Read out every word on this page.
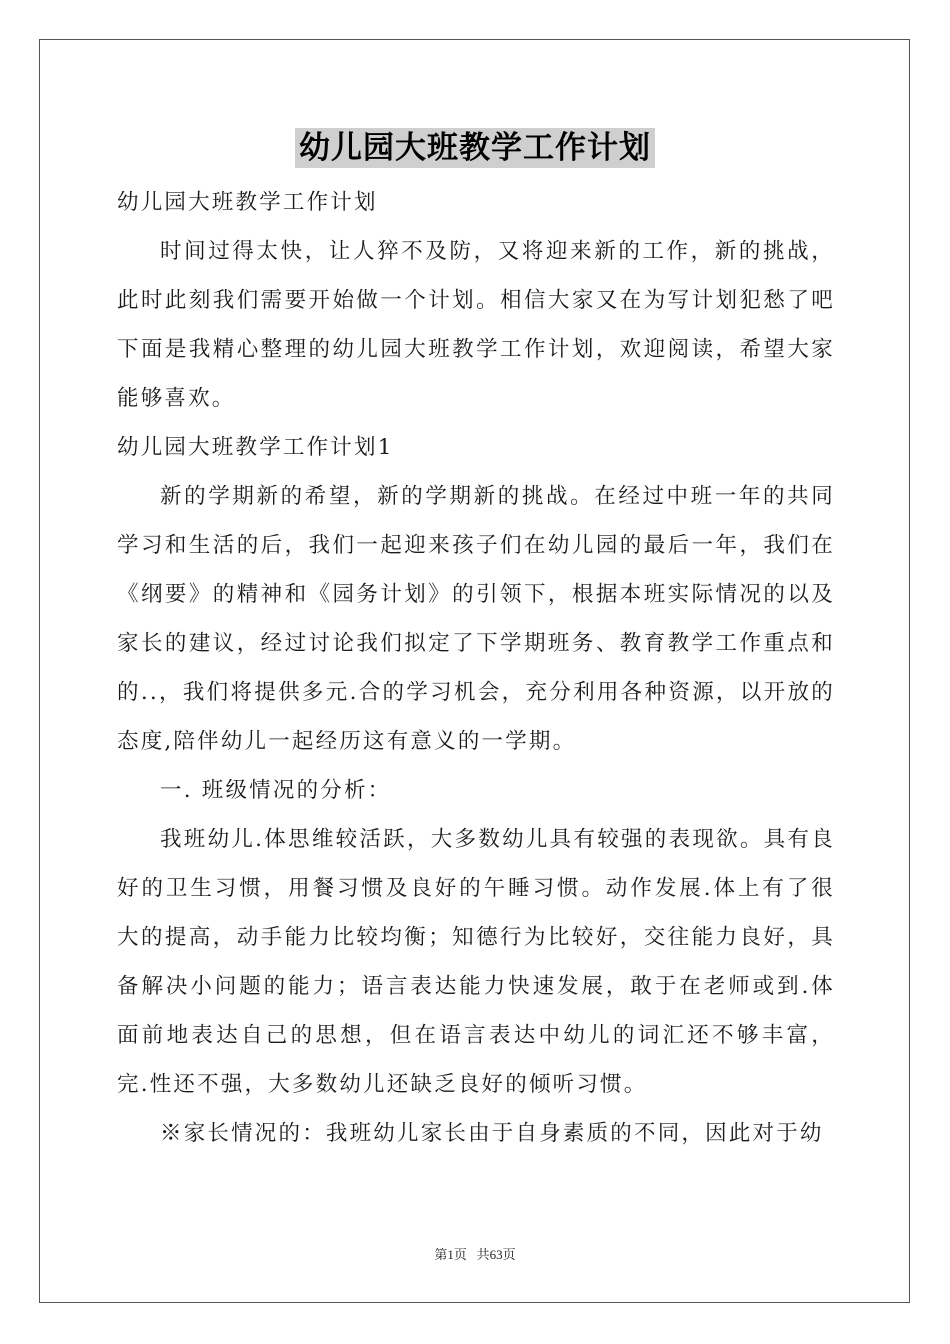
幼儿园大班教学工作计划

幼儿园大班教学工作计划

时间过得太快，让人猝不及防，又将迎来新的工作，新的挑战，此时此刻我们需要开始做一个计划。相信大家又在为写计划犯愁了吧下面是我精心整理的幼儿园大班教学工作计划，欢迎阅读，希望大家能够喜欢。

幼儿园大班教学工作计划1

新的学期新的希望，新的学期新的挑战。在经过中班一年的共同学习和生活的后，我们一起迎来孩子们在幼儿园的最后一年，我们在《纲要》的精神和《园务计划》的引领下，根据本班实际情况的以及家长的建议，经过讨论我们拟定了下学期班务、教育教学工作重点和的..，我们将提供多元.合的学习机会，充分利用各种资源，以开放的态度,陪伴幼儿一起经历这有意义的一学期。

一. 班级情况的分析：

我班幼儿.体思维较活跃，大多数幼儿具有较强的表现欲。具有良好的卫生习惯，用餐习惯及良好的午睡习惯。动作发展.体上有了很大的提高，动手能力比较均衡；知德行为比较好，交往能力良好，具备解决小问题的能力；语言表达能力快速发展，敢于在老师或到.体面前地表达自己的思想，但在语言表达中幼儿的词汇还不够丰富，完.性还不强，大多数幼儿还缺乏良好的倾听习惯。

※家长情况的：我班幼儿家长由于自身素质的不同，因此对于幼

第1页 共63页
